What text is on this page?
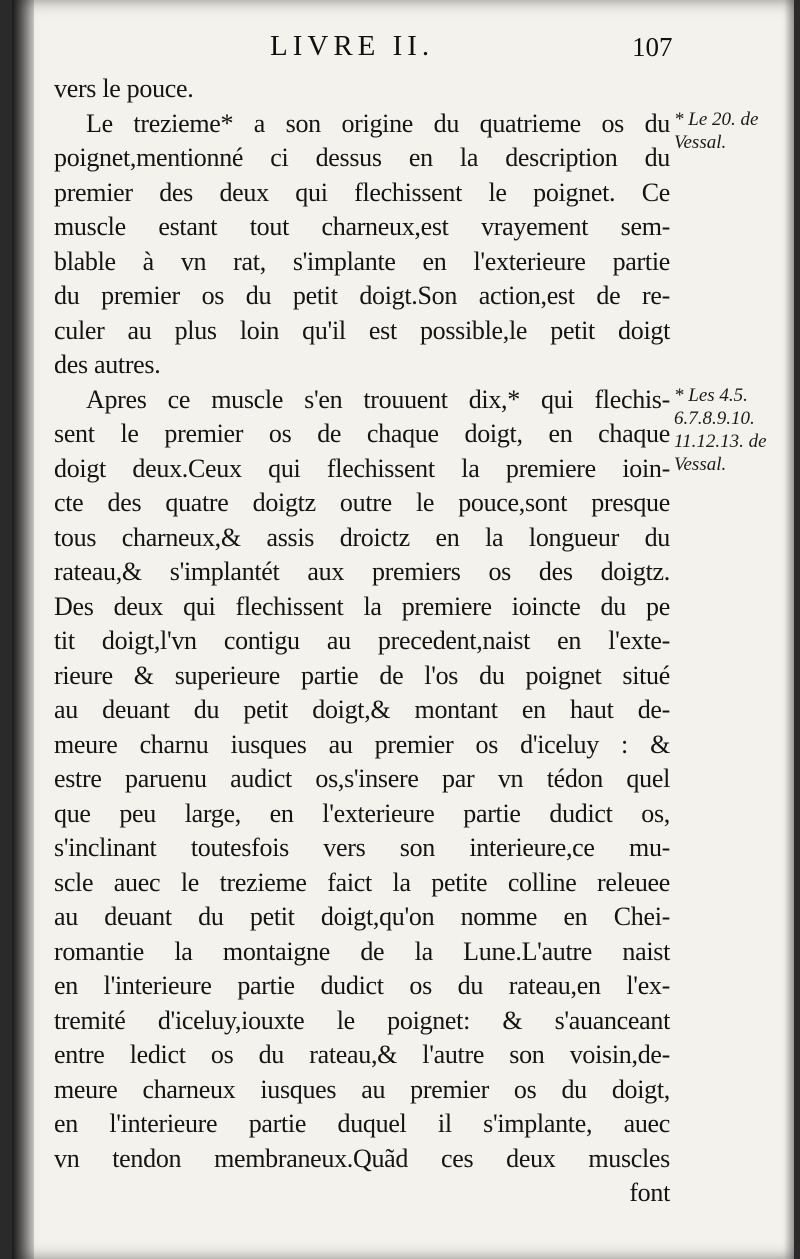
LIVRE II.	107
vers le pouce.
Le trezieme* a son origine du quatrieme os du
poignet,mentionné ci dessus en la description du
premier des deux qui flechissent le poignet. Ce
muscle estant tout charneux,est vrayement sem-
blable à vn rat, s'implante en l'exterieure partie
du premier os du petit doigt.Son action,est de re-
culer au plus loin qu'il est possible,le petit doigt
des autres.
Apres ce muscle s'en trouuent dix,* qui flechis-
sent le premier os de chaque doigt, en chaque
doigt deux.Ceux qui flechissent la premiere ioin-
cte des quatre doigtz outre le pouce,sont presque
tous charneux,& assis droictz en la longueur du
rateau,& s'implantét aux premiers os des doigtz.
Des deux qui flechissent la premiere ioincte du pe
tit doigt,l'vn contigu au precedent,naist en l'exte-
rieure & superieure partie de l'os du poignet situé
au deuant du petit doigt,& montant en haut de-
meure charnu iusques au premier os d'iceluy : &
estre paruenu audict os,s'insere par vn tédon quel
que peu large, en l'exterieure partie dudict os,
s'inclinant toutesfois vers son interieure,ce mu-
scle auec le trezieme faict la petite colline releuee
au deuant du petit doigt,qu'on nomme en Chei-
romantie la montaigne de la Lune.L'autre naist
en l'interieure partie dudict os du rateau,en l'ex-
tremité d'iceluy,iouxte le poignet: & s'auanceant
entre ledict os du rateau,& l'autre son voisin,de-
meure charneux iusques au premier os du doigt,
en l'interieure partie duquel il s'implante, auec
vn tendon membraneux.Quãd ces deux muscles
font
* Le 20. de
Vessal.
* Les 4.5.
6.7.8.9.10.
11.12.13. de
Vessal.
